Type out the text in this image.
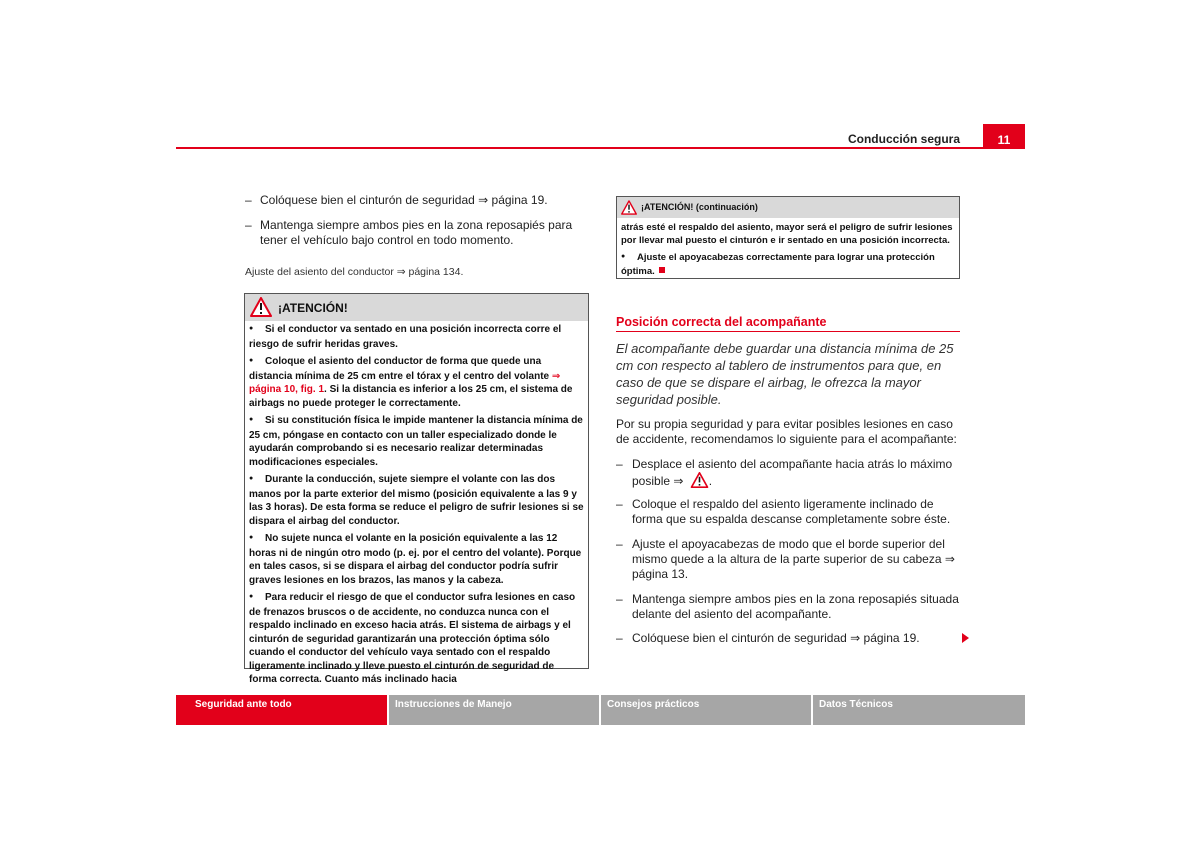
Conducción segura	11
– Colóquese bien el cinturón de seguridad ⇒ página 19.
– Mantenga siempre ambos pies en la zona reposapiés para tener el vehículo bajo control en todo momento.
Ajuste del asiento del conductor ⇒ página 134.
¡ATENCIÓN!

●Si el conductor va sentado en una posición incorrecta corre el riesgo de sufrir heridas graves.

●Coloque el asiento del conductor de forma que quede una distancia mínima de 25 cm entre el tórax y el centro del volante ⇒ página 10, fig. 1. Si la distancia es inferior a los 25 cm, el sistema de airbags no puede proteger le correctamente.

●Si su constitución física le impide mantener la distancia mínima de 25 cm, póngase en contacto con un taller especializado donde le ayudarán comprobando si es necesario realizar determinadas modificaciones especiales.

●Durante la conducción, sujete siempre el volante con las dos manos por la parte exterior del mismo (posición equivalente a las 9 y las 3 horas). De esta forma se reduce el peligro de sufrir lesiones si se dispara el airbag del conductor.

●No sujete nunca el volante en la posición equivalente a las 12 horas ni de ningún otro modo (p. ej. por el centro del volante). Porque en tales casos, si se dispara el airbag del conductor podría sufrir graves lesiones en los brazos, las manos y la cabeza.

●Para reducir el riesgo de que el conductor sufra lesiones en caso de frenazos bruscos o de accidente, no conduzca nunca con el respaldo inclinado en exceso hacia atrás. El sistema de airbags y el cinturón de seguridad garantizarán una protección óptima sólo cuando el conductor del vehículo vaya sentado con el respaldo ligeramente inclinado y lleve puesto el cinturón de seguridad de forma correcta. Cuanto más inclinado hacia

¡ATENCIÓN! (continuación)

atrás esté el respaldo del asiento, mayor será el peligro de sufrir lesiones por llevar mal puesto el cinturón e ir sentado en una posición incorrecta.

●Ajuste el apoyacabezas correctamente para lograr una protección óptima.

Posición correcta del acompañante
El acompañante debe guardar una distancia mínima de 25 cm con respecto al tablero de instrumentos para que, en caso de que se dispare el airbag, le ofrezca la mayor seguridad posible.
Por su propia seguridad y para evitar posibles lesiones en caso de accidente, recomendamos lo siguiente para el acompañante:
– Desplace el asiento del acompañante hacia atrás lo máximo posible ⇒ .
– Coloque el respaldo del asiento ligeramente inclinado de forma que su espalda descanse completamente sobre éste.
– Ajuste el apoyacabezas de modo que el borde superior del mismo quede a la altura de la parte superior de su cabeza ⇒ página 13.
– Mantenga siempre ambos pies en la zona reposapiés situada delante del asiento del acompañante.
– Colóquese bien el cinturón de seguridad ⇒ página 19.
Seguridad ante todo	Instrucciones de Manejo	Consejos prácticos	Datos Técnicos
